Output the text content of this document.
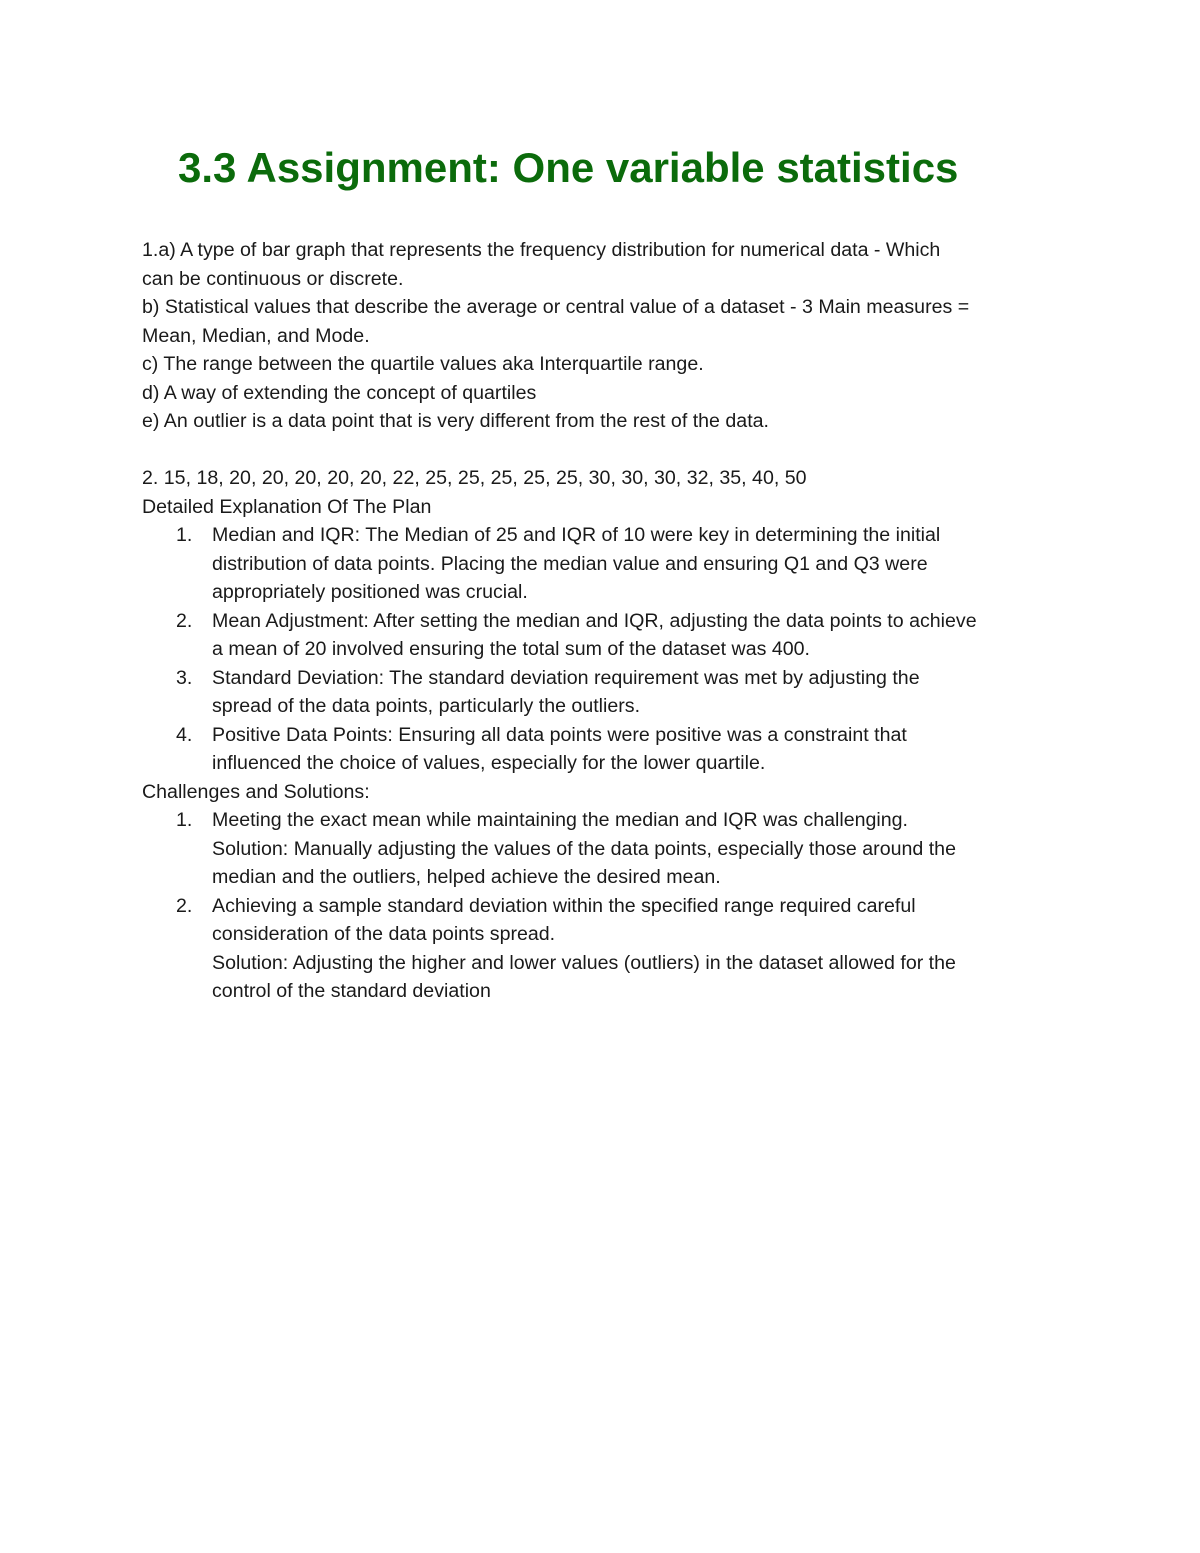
3.3 Assignment: One variable statistics

1.a) A type of bar graph that represents the frequency distribution for numerical data - Which

can be continuous or discrete.

b) Statistical values that describe the average or central value of a dataset - 3 Main measures =

Mean, Median, and Mode.

c) The range between the quartile values aka Interquartile range.

d) A way of extending the concept of quartiles

e) An outlier is a data point that is very different from the rest of the data.

2. 15, 18, 20, 20, 20, 20, 20, 22, 25, 25, 25, 25, 25, 30, 30, 30, 32, 35, 40, 50

Detailed Explanation Of The Plan

1. Median and IQR: The Median of 25 and IQR of 10 were key in determining the initial
distribution of data points. Placing the median value and ensuring Q1 and Q3 were
appropriately positioned was crucial.
2. Mean Adjustment: After setting the median and IQR, adjusting the data points to achieve
a mean of 20 involved ensuring the total sum of the dataset was 400.
3. Standard Deviation: The standard deviation requirement was met by adjusting the
spread of the data points, particularly the outliers.
4. Positive Data Points: Ensuring all data points were positive was a constraint that
influenced the choice of values, especially for the lower quartile.

Challenges and Solutions:

1. Meeting the exact mean while maintaining the median and IQR was challenging.
Solution: Manually adjusting the values of the data points, especially those around the
median and the outliers, helped achieve the desired mean.
2. Achieving a sample standard deviation within the specified range required careful
consideration of the data points spread.
Solution: Adjusting the higher and lower values (outliers) in the dataset allowed for the
control of the standard deviation
